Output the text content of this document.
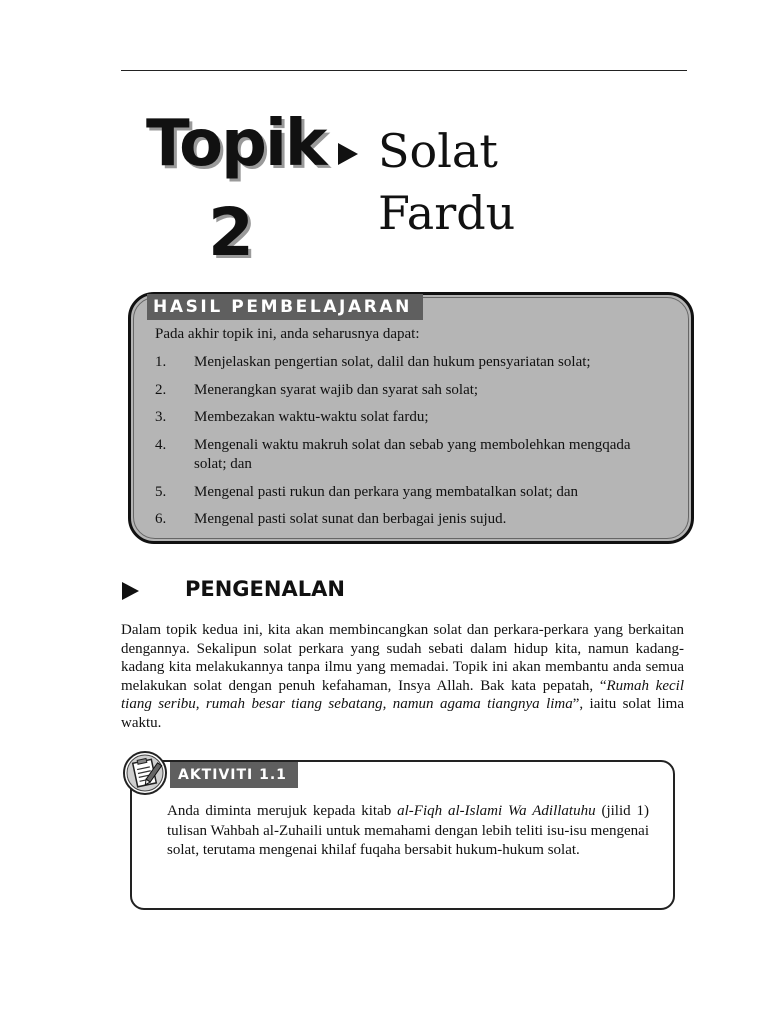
Topik
2
Solat
Fardu
HASIL PEMBELAJARAN
Pada akhir topik ini, anda seharusnya dapat:
1.	Menjelaskan pengertian solat, dalil dan hukum pensyariatan solat;
2.	Menerangkan syarat wajib dan syarat sah solat;
3.	Membezakan waktu-waktu solat fardu;
4.	Mengenali waktu makruh solat dan sebab yang membolehkan mengqada solat; dan
5.	Mengenal pasti rukun dan perkara yang membatalkan solat; dan
6.	Mengenal pasti solat sunat dan berbagai jenis sujud.
PENGENALAN
Dalam topik kedua ini, kita akan membincangkan solat dan perkara-perkara yang berkaitan dengannya. Sekalipun solat perkara yang sudah sebati dalam hidup kita, namun kadang-kadang kita melakukannya tanpa ilmu yang memadai. Topik ini akan membantu anda semua melakukan solat dengan penuh kefahaman, Insya Allah. Bak kata pepatah, “Rumah kecil tiang seribu, rumah besar tiang sebatang, namun agama tiangnya lima”, iaitu solat lima waktu.
AKTIVITI 1.1
Anda diminta merujuk kepada kitab al-Fiqh al-Islami Wa Adillatuhu (jilid 1) tulisan Wahbah al-Zuhaili untuk memahami dengan lebih teliti isu-isu mengenai solat, terutama mengenai khilaf fuqaha bersabit hukum-hukum solat.
